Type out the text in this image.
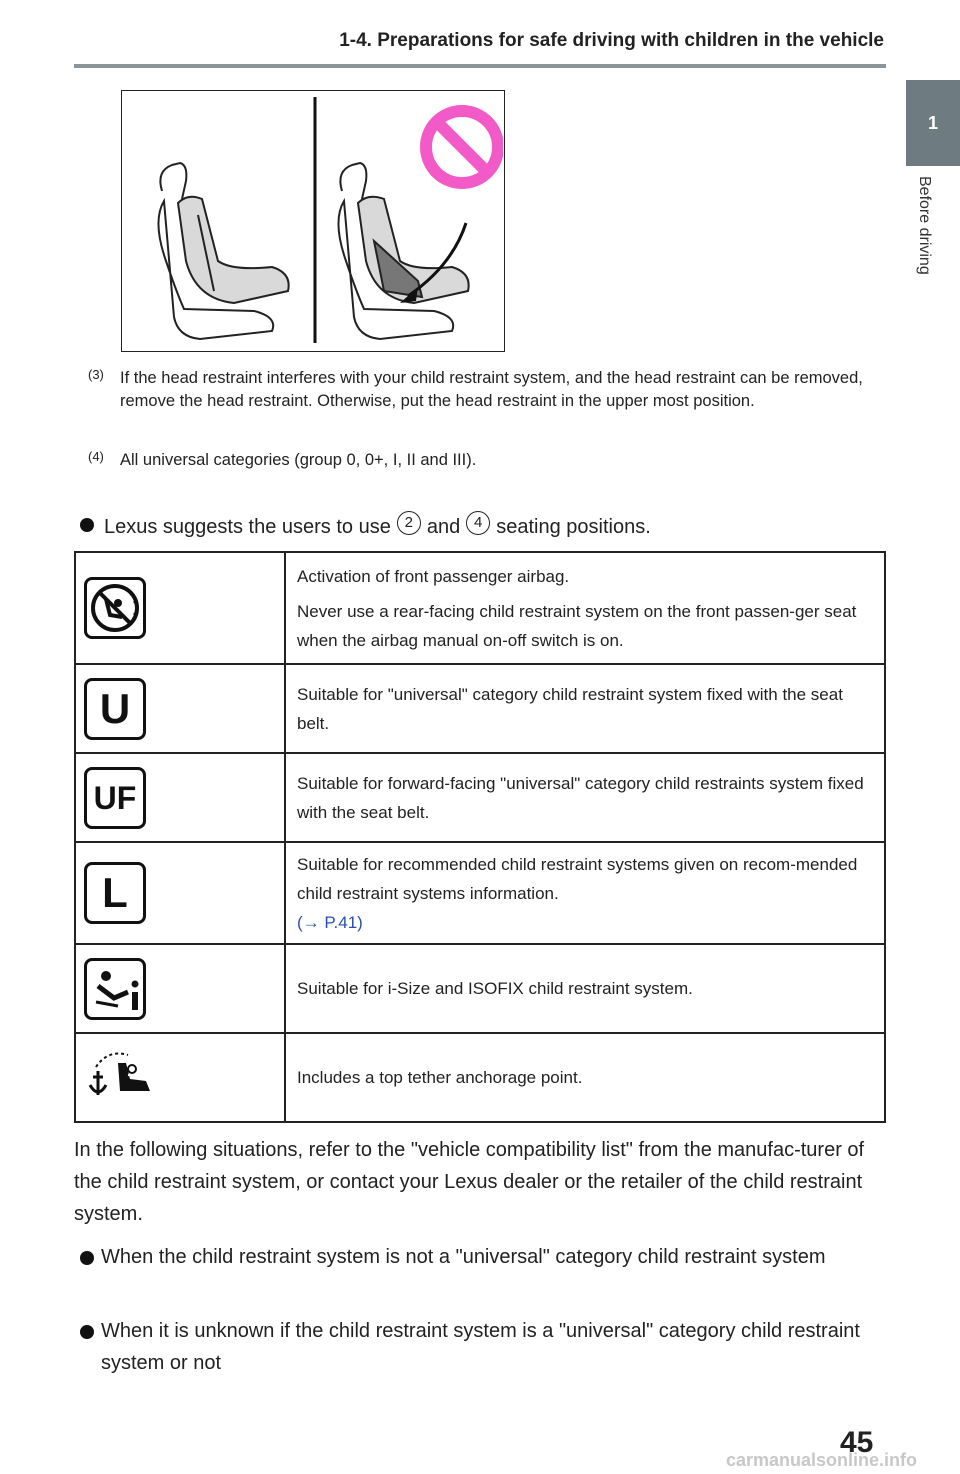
1-4. Preparations for safe driving with children in the vehicle
1
Before driving
(3) If the head restraint interferes with your child restraint system, and the head restraint can be removed, remove the head restraint. Otherwise, put the head restraint in the upper most position.
(4) All universal categories (group 0, 0+, I, II and III).
Lexus suggests the users to use 2 and 4 seating positions.

Activation of front passenger airbag.
Never use a rear-facing child restraint system on the front passen-ger seat when the airbag manual on-off switch is on.

U	Suitable for "universal" category child restraint system fixed with the seat belt.

UF	Suitable for forward-facing "universal" category child restraints system fixed with the seat belt.

L	Suitable for recommended child restraint systems given on recom-mended child restraint systems information.
(→ P.41)

	Suitable for i-Size and ISOFIX child restraint system.
	Includes a top tether anchorage point.
In the following situations, refer to the "vehicle compatibility list" from the manufac-turer of the child restraint system, or contact your Lexus dealer or the retailer of the child restraint system.
When the child restraint system is not a "universal" category child restraint system
When it is unknown if the child restraint system is a "universal" category child restraint system or not
45
carmanualsonline.info
